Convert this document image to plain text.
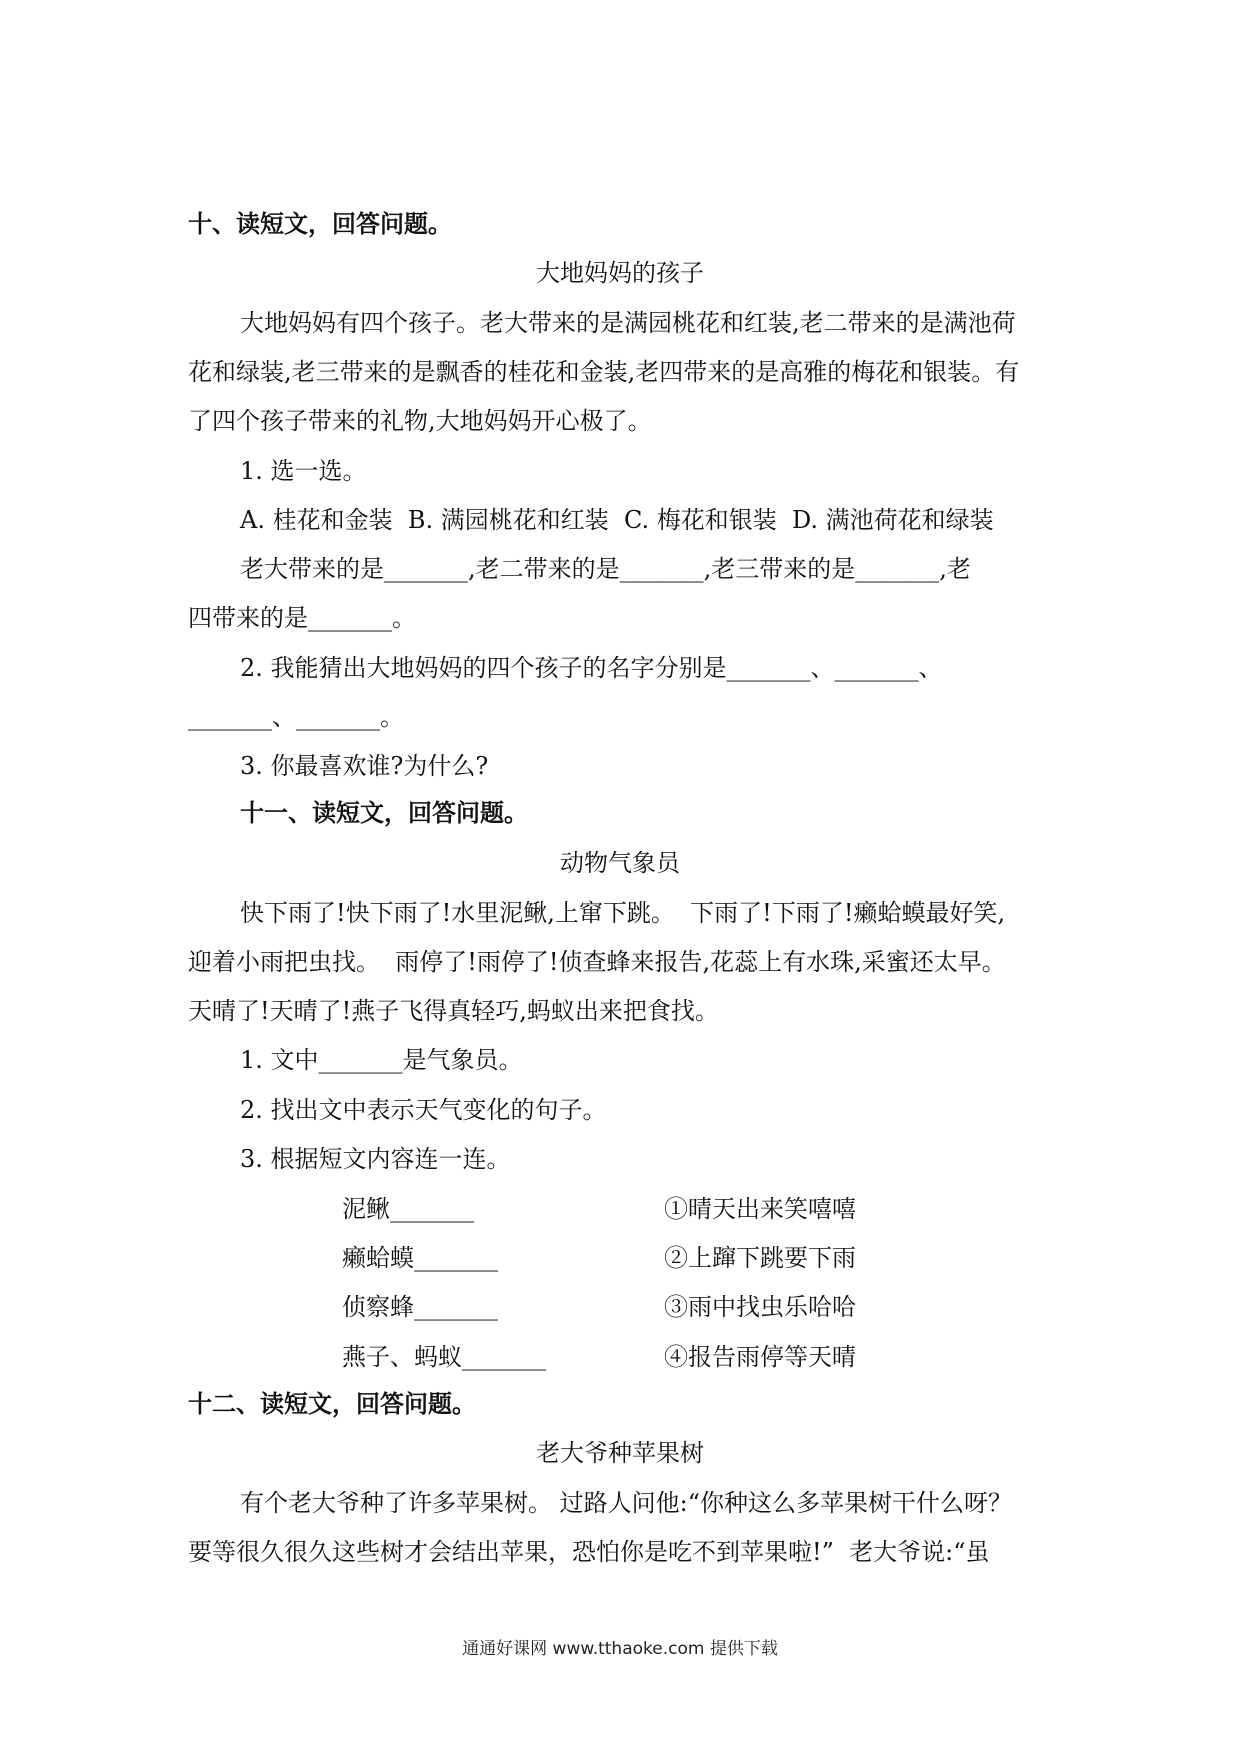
十、读短文，回答问题。
大地妈妈的孩子
大地妈妈有四个孩子。老大带来的是满园桃花和红装,老二带来的是满池荷
花和绿装,老三带来的是飘香的桂花和金装,老四带来的是高雅的梅花和银装。有
了四个孩子带来的礼物,大地妈妈开心极了。
1. 选一选。
A. 桂花和金装  B. 满园桃花和红装  C. 梅花和银装  D. 满池荷花和绿装
老大带来的是_______,老二带来的是_______,老三带来的是_______,老
四带来的是_______。
2. 我能猜出大地妈妈的四个孩子的名字分别是_______、_______、
_______、_______。
3. 你最喜欢谁?为什么?
十一、读短文，回答问题。
动物气象员
快下雨了!快下雨了!水里泥鳅,上窜下跳。  下雨了!下雨了!癞蛤蟆最好笑,
迎着小雨把虫找。  雨停了!雨停了!侦查蜂来报告,花蕊上有水珠,采蜜还太早。
天晴了!天晴了!燕子飞得真轻巧,蚂蚁出来把食找。
1. 文中_______是气象员。
2. 找出文中表示天气变化的句子。
3. 根据短文内容连一连。
泥鳅_______
癞蛤蟆_______
侦察蜂_______
燕子、蚂蚁_______
①晴天出来笑嘻嘻
②上蹿下跳要下雨
③雨中找虫乐哈哈
④报告雨停等天晴
十二、读短文，回答问题。
老大爷种苹果树
有个老大爷种了许多苹果树。 过路人问他:“你种这么多苹果树干什么呀？
要等很久很久这些树才会结出苹果，恐怕你是吃不到苹果啦!”  老大爷说:“虽
通通好课网 www.tthaoke.com 提供下载
